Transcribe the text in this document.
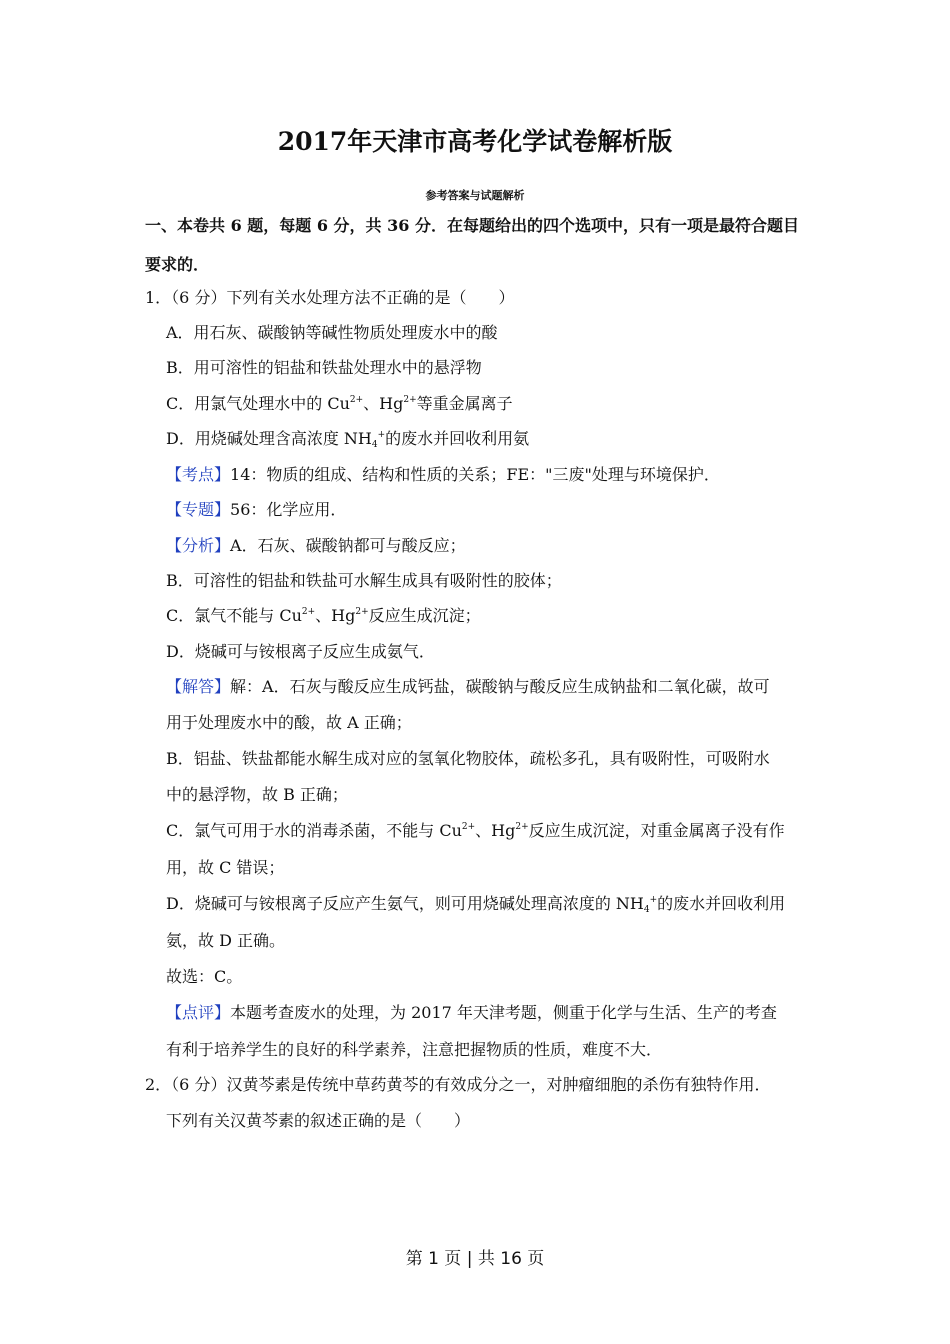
2017年天津市高考化学试卷解析版
参考答案与试题解析
一、本卷共 6 题，每题 6 分，共 36 分．在每题给出的四个选项中，只有一项是最符合题目
要求的．
1．（6 分）下列有关水处理方法不正确的是（　　）
A．用石灰、碳酸钠等碱性物质处理废水中的酸
B．用可溶性的铝盐和铁盐处理水中的悬浮物
C．用氯气处理水中的 $Cu^{2+}$、$Hg^{2+}$等重金属离子
D．用烧碱处理含高浓度 $NH_4^+$的废水并回收利用氨
【考点】14：物质的组成、结构和性质的关系；FE："三废"处理与环境保护．
【专题】56：化学应用．
【分析】A．石灰、碳酸钠都可与酸反应；
B．可溶性的铝盐和铁盐可水解生成具有吸附性的胶体；
C．氯气不能与 $Cu^{2+}$、$Hg^{2+}$反应生成沉淀；
D．烧碱可与铵根离子反应生成氨气．
【解答】解：A．石灰与酸反应生成钙盐，碳酸钠与酸反应生成钠盐和二氧化碳，故可
用于处理废水中的酸，故 A 正确；
B．铝盐、铁盐都能水解生成对应的氢氧化物胶体，疏松多孔，具有吸附性，可吸附水
中的悬浮物，故 B 正确；
C．氯气可用于水的消毒杀菌，不能与 $Cu^{2+}$、$Hg^{2+}$反应生成沉淀，对重金属离子没有作
用，故 C 错误；
D．烧碱可与铵根离子反应产生氨气，则可用烧碱处理高浓度的 $NH_4^+$的废水并回收利用
氨，故 D 正确。
故选：C。
【点评】本题考查废水的处理，为 2017 年天津考题，侧重于化学与生活、生产的考查
有利于培养学生的良好的科学素养，注意把握物质的性质，难度不大．
2．（6 分）汉黄芩素是传统中草药黄芩的有效成分之一，对肿瘤细胞的杀伤有独特作用．
下列有关汉黄芩素的叙述正确的是（　　）
第 1 页 | 共 16 页
